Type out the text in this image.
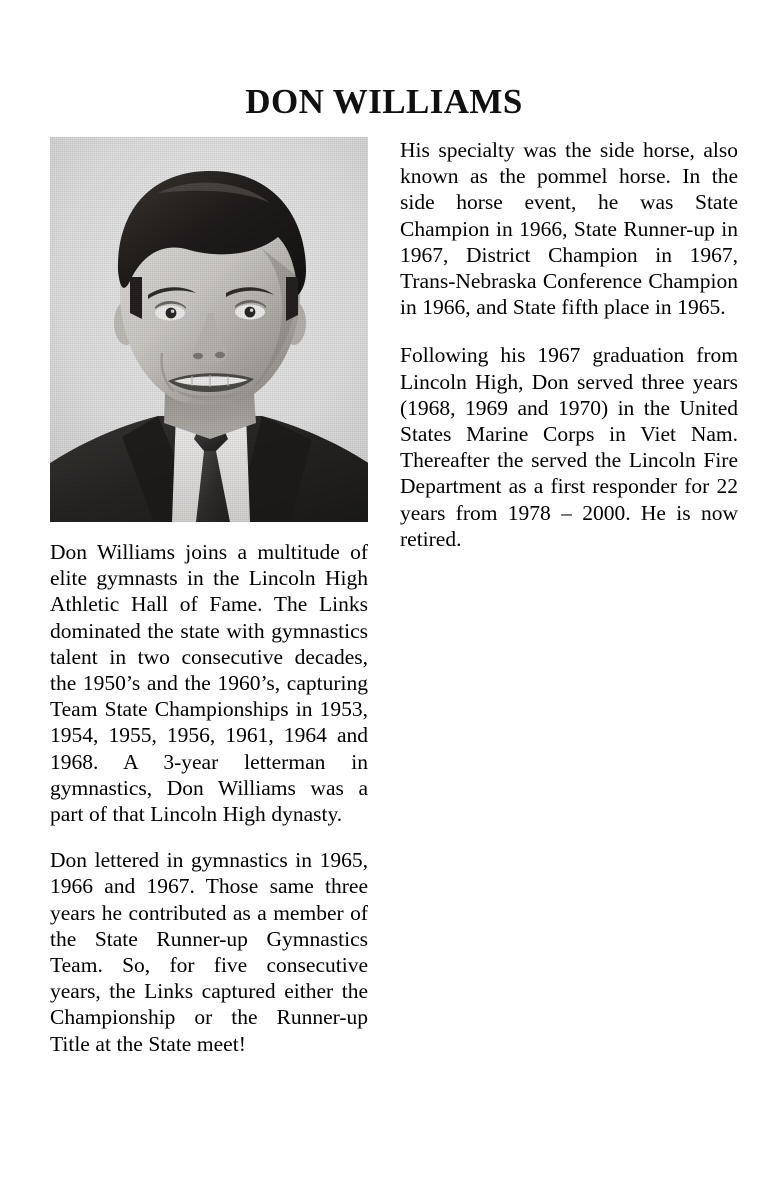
DON WILLIAMS

Don Williams joins a multitude of elite gymnasts in the Lincoln High Athletic Hall of Fame. The Links dominated the state with gymnastics talent in two consecutive decades, the 1950’s and the 1960’s, capturing Team State Championships in 1953, 1954, 1955, 1956, 1961, 1964 and 1968. A 3-year letterman in gymnastics, Don Williams was a part of that Lincoln High dynasty.

Don lettered in gymnastics in 1965, 1966 and 1967. Those same three years he contributed as a member of the State Runner-up Gymnastics Team. So, for five consecutive years, the Links captured either the Championship or the Runner-up Title at the State meet!

His specialty was the side horse, also known as the pommel horse. In the side horse event, he was State Champion in 1966, State Runner-up in 1967, District Champion in 1967, Trans-Nebraska Conference Champion in 1966, and State fifth place in 1965.

Following his 1967 graduation from Lincoln High, Don served three years (1968, 1969 and 1970) in the United States Marine Corps in Viet Nam. Thereafter the served the Lincoln Fire Department as a first responder for 22 years from 1978 – 2000. He is now retired.
